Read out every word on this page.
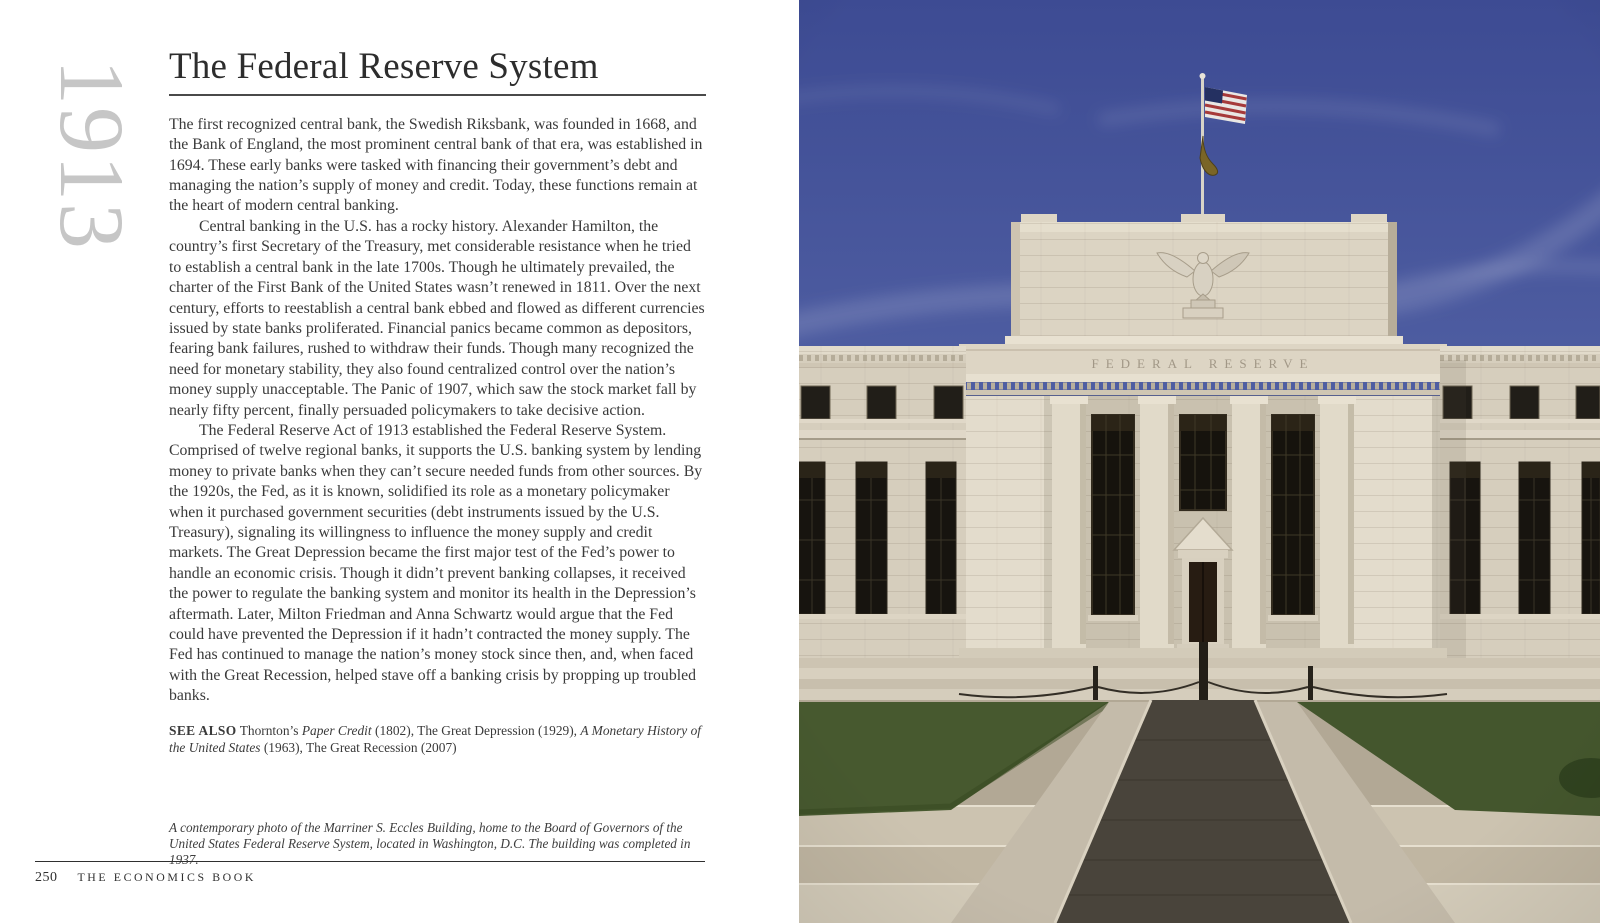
1913 The Federal Reserve System

The first recognized central bank, the Swedish Riksbank, was founded in 1668, and the Bank of England, the most prominent central bank of that era, was established in 1694. These early banks were tasked with financing their government’s debt and managing the nation’s supply of money and credit. Today, these functions remain at the heart of modern central banking.

Central banking in the U.S. has a rocky history. Alexander Hamilton, the country’s first Secretary of the Treasury, met considerable resistance when he tried to establish a central bank in the late 1700s. Though he ultimately prevailed, the charter of the First Bank of the United States wasn’t renewed in 1811. Over the next century, efforts to reestablish a central bank ebbed and flowed as different currencies issued by state banks proliferated. Financial panics became common as depositors, fearing bank failures, rushed to withdraw their funds. Though many recognized the need for monetary stability, they also found centralized control over the nation’s money supply unacceptable. The Panic of 1907, which saw the stock market fall by nearly fifty percent, finally persuaded policymakers to take decisive action.

The Federal Reserve Act of 1913 established the Federal Reserve System. Comprised of twelve regional banks, it supports the U.S. banking system by lending money to private banks when they can’t secure needed funds from other sources. By the 1920s, the Fed, as it is known, solidified its role as a monetary policymaker when it purchased government securities (debt instruments issued by the U.S. Treasury), signaling its willingness to influence the money supply and credit markets. The Great Depression became the first major test of the Fed’s power to handle an economic crisis. Though it didn’t prevent banking collapses, it received the power to regulate the banking system and monitor its health in the Depression’s aftermath. Later, Milton Friedman and Anna Schwartz would argue that the Fed could have prevented the Depression if it hadn’t contracted the money supply. The Fed has continued to manage the nation’s money stock since then, and, when faced with the Great Recession, helped stave off a banking crisis by propping up troubled banks.

SEE ALSO Thornton’s Paper Credit (1802), The Great Depression (1929), A Monetary History of the United States (1963), The Great Recession (2007)

A contemporary photo of the Marriner S. Eccles Building, home to the Board of Governors of the United States Federal Reserve System, located in Washington, D.C. The building was completed in 1937.

250 THE ECONOMICS BOOK
